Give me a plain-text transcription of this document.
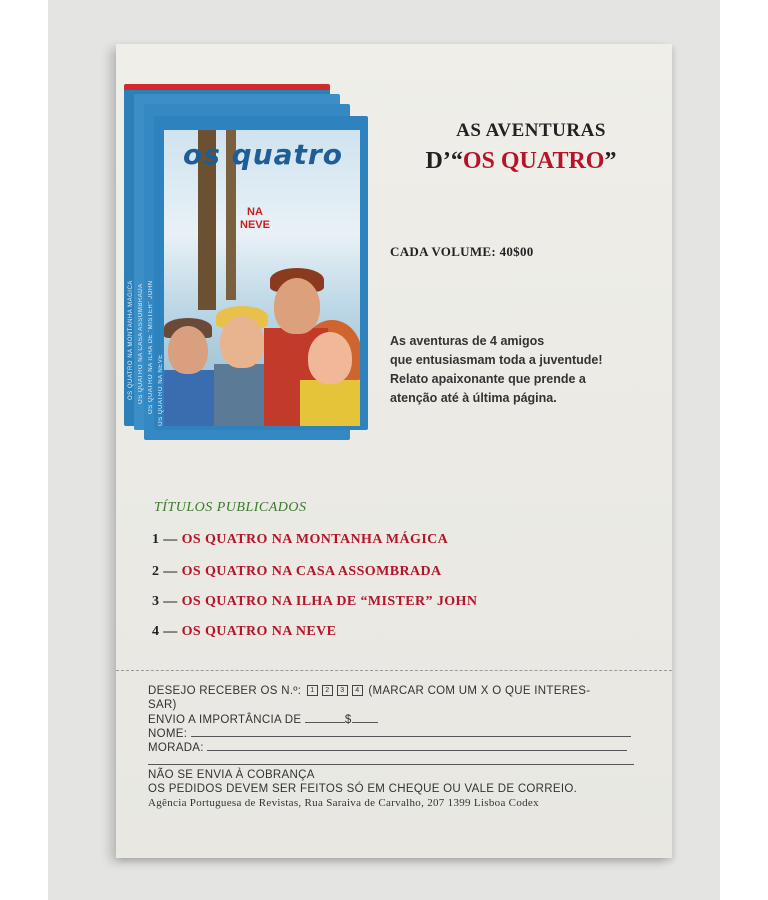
OS QUATRO NA MONTANHA MÁGICA OS QUATRO NA CASA ASSOMBRADA OS QUATRO NA ILHA DE "MISTER" JOHN OS QUATRO NA NEVE
os quatro
NA
NEVE
AS AVENTURAS
D’“OS QUATRO”
CADA VOLUME: 40$00
As aventuras de 4 amigos
que entusiasmam toda a juventude!
Relato apaixonante que prende a
atenção até à última página.
TÍTULOS PUBLICADOS
1 — OS QUATRO NA MONTANHA MÁGICA
2 — OS QUATRO NA CASA ASSOMBRADA
3 — OS QUATRO NA ILHA DE “MISTER” JOHN
4 — OS QUATRO NA NEVE
DESEJO RECEBER OS N.º: 1 2 3 4 (MARCAR COM UM X O QUE INTERES-
SAR)
ENVIO A IMPORTÂNCIA DE	$
NOME:
MORADA:
NÃO SE ENVIA À COBRANÇA
OS PEDIDOS DEVEM SER FEITOS SÓ EM CHEQUE OU VALE DE CORREIO.
Agência Portuguesa de Revistas, Rua Saraiva de Carvalho, 207 1399 Lisboa Codex
